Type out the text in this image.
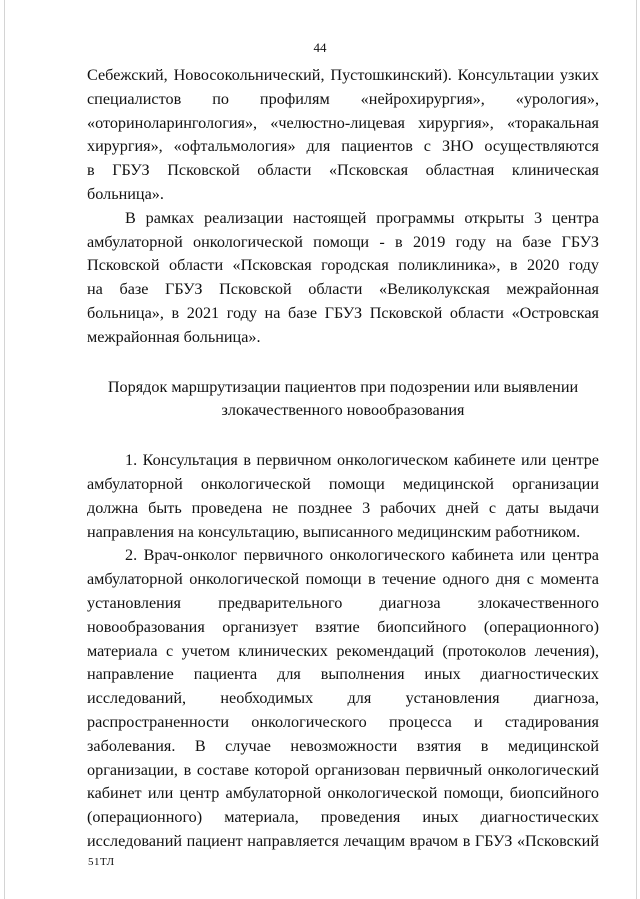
44

Себежский, Новосокольнический, Пустошкинский). Консультации узких
специалистов по профилям «нейрохирургия», «урология»,
«оториноларингология», «челюстно-лицевая хирургия», «торакальная
хирургия», «офтальмология» для пациентов с ЗНО осуществляются
в ГБУЗ Псковской области «Псковская областная клиническая
больница».

В рамках реализации настоящей программы открыты 3 центра
амбулаторной онкологической помощи - в 2019 году на базе ГБУЗ
Псковской области «Псковская городская поликлиника», в 2020 году
на базе ГБУЗ Псковской области «Великолукская межрайонная
больница», в 2021 году на базе ГБУЗ Псковской области «Островская
межрайонная больница».

Порядок маршрутизации пациентов при подозрении или выявлении
злокачественного новообразования

1. Консультация в первичном онкологическом кабинете или центре
амбулаторной онкологической помощи медицинской организации
должна быть проведена не позднее 3 рабочих дней с даты выдачи
направления на консультацию, выписанного медицинским работником.

2. Врач-онколог первичного онкологического кабинета или центра
амбулаторной онкологической помощи в течение одного дня с момента
установления предварительного диагноза злокачественного
новообразования организует взятие биопсийного (операционного)
материала с учетом клинических рекомендаций (протоколов лечения),
направление пациента для выполнения иных диагностических
исследований, необходимых для установления диагноза,
распространенности онкологического процесса и стадирования
заболевания. В случае невозможности взятия в медицинской
организации, в составе которой организован первичный онкологический
кабинет или центр амбулаторной онкологической помощи, биопсийного
(операционного) материала, проведения иных диагностических
исследований пациент направляется лечащим врачом в ГБУЗ «Псковский

51ТЛ
